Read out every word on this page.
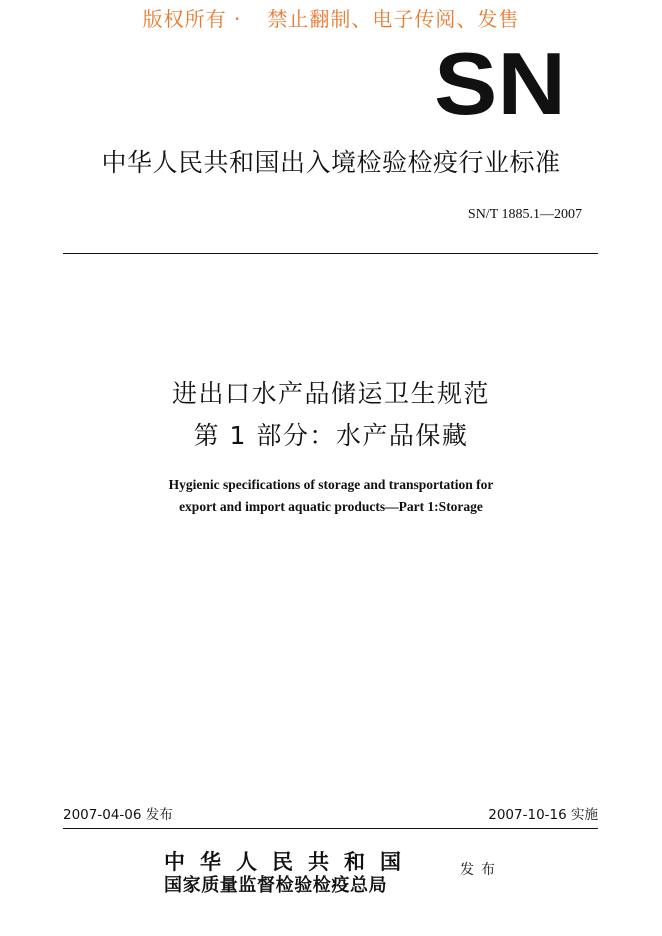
版权所有 · 禁止翻制、电子传阅、发售
SN
中华人民共和国出入境检验检疫行业标准
SN/T 1885.1—2007
进出口水产品储运卫生规范
第 1 部分：水产品保藏
Hygienic specifications of storage and transportation for
export and import aquatic products—Part 1:Storage
2007-04-06 发布	2007-10-16 实施
中华人民共和国
国家质量监督检验检疫总局
发布
